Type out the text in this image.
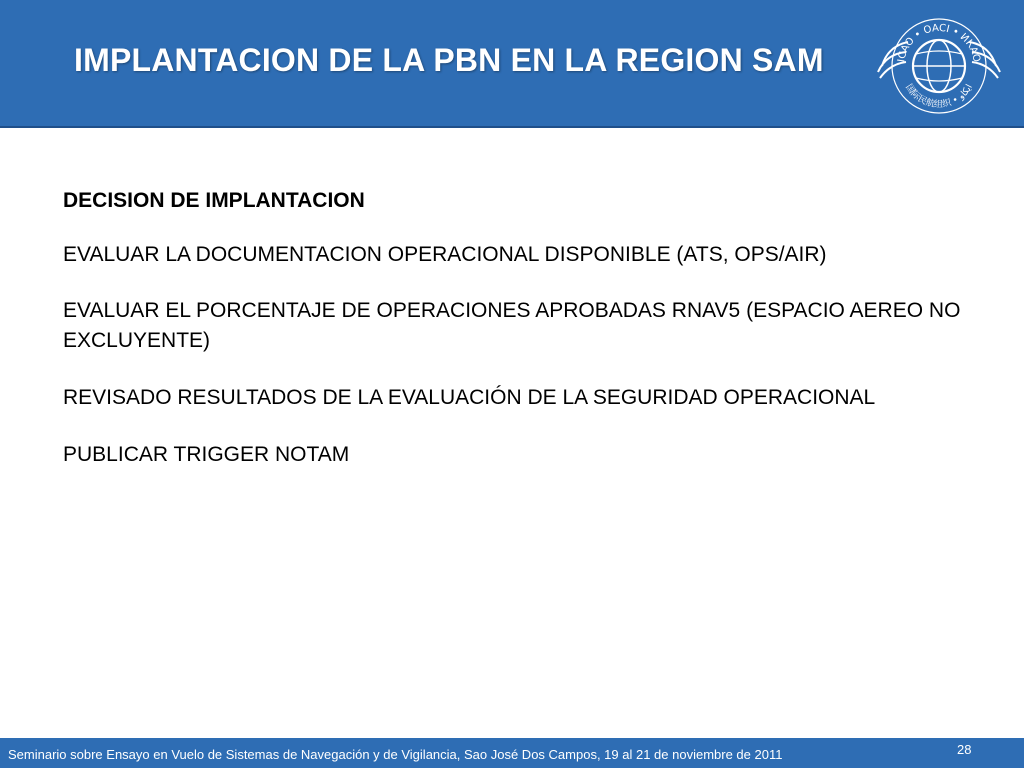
IMPLANTACION DE LA PBN EN LA REGION SAM	ICAO • OACI • ИКАО
国际民航组织 • ايكاو

DECISION DE IMPLANTACION

EVALUAR LA DOCUMENTACION OPERACIONAL DISPONIBLE (ATS, OPS/AIR)

EVALUAR EL PORCENTAJE DE OPERACIONES APROBADAS RNAV5 (ESPACIO AEREO NO EXCLUYENTE)

REVISADO RESULTADOS DE LA EVALUACIÓN DE LA SEGURIDAD OPERACIONAL

PUBLICAR TRIGGER NOTAM

Seminario sobre Ensayo en Vuelo de Sistemas de Navegación y de Vigilancia, Sao José Dos Campos, 19 al 21 de noviembre de 2011	28
